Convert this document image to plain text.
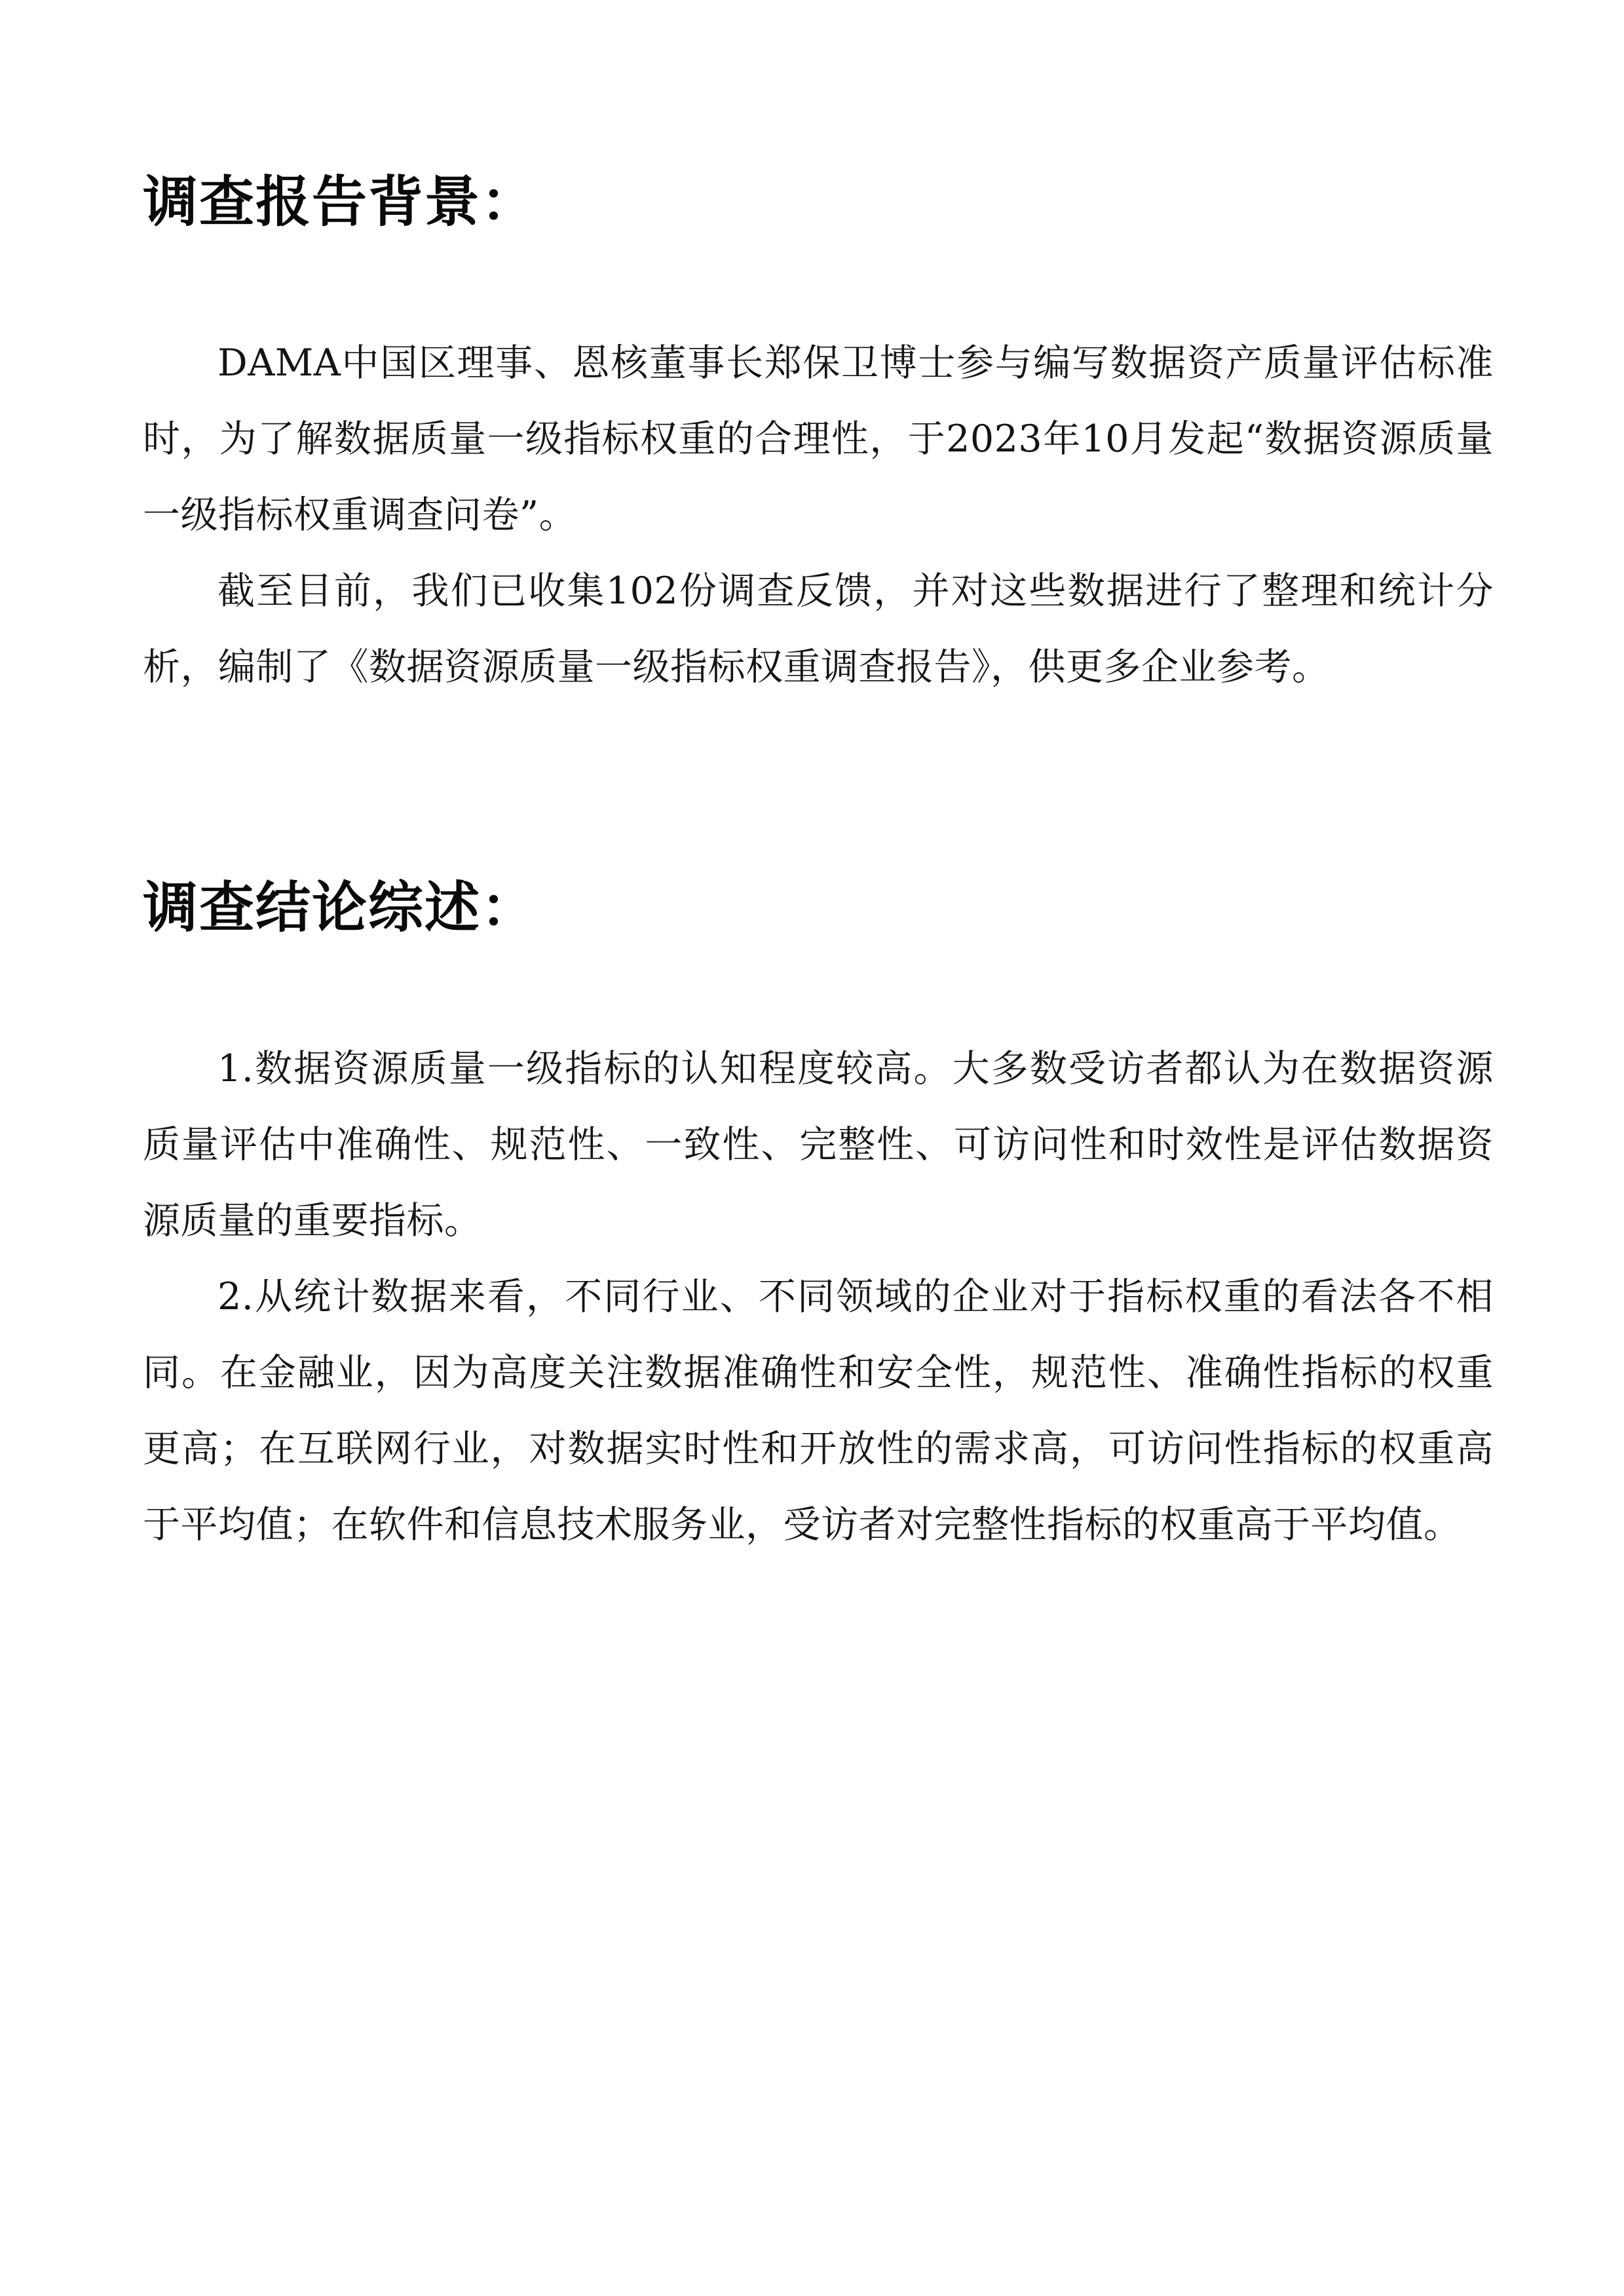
调查报告背景：

DAMA中国区理事、恩核董事长郑保卫博士参与编写数据资产质量评估标准时，为了解数据质量一级指标权重的合理性，于2023年10月发起“数据资源质量一级指标权重调查问卷”。

截至目前，我们已收集102份调查反馈，并对这些数据进行了整理和统计分析，编制了《数据资源质量一级指标权重调查报告》，供更多企业参考。

调查结论综述：

1.数据资源质量一级指标的认知程度较高。大多数受访者都认为在数据资源质量评估中准确性、规范性、一致性、完整性、可访问性和时效性是评估数据资源质量的重要指标。

2.从统计数据来看，不同行业、不同领域的企业对于指标权重的看法各不相同。在金融业，因为高度关注数据准确性和安全性，规范性、准确性指标的权重更高；在互联网行业，对数据实时性和开放性的需求高，可访问性指标的权重高于平均值；在软件和信息技术服务业，受访者对完整性指标的权重高于平均值。
